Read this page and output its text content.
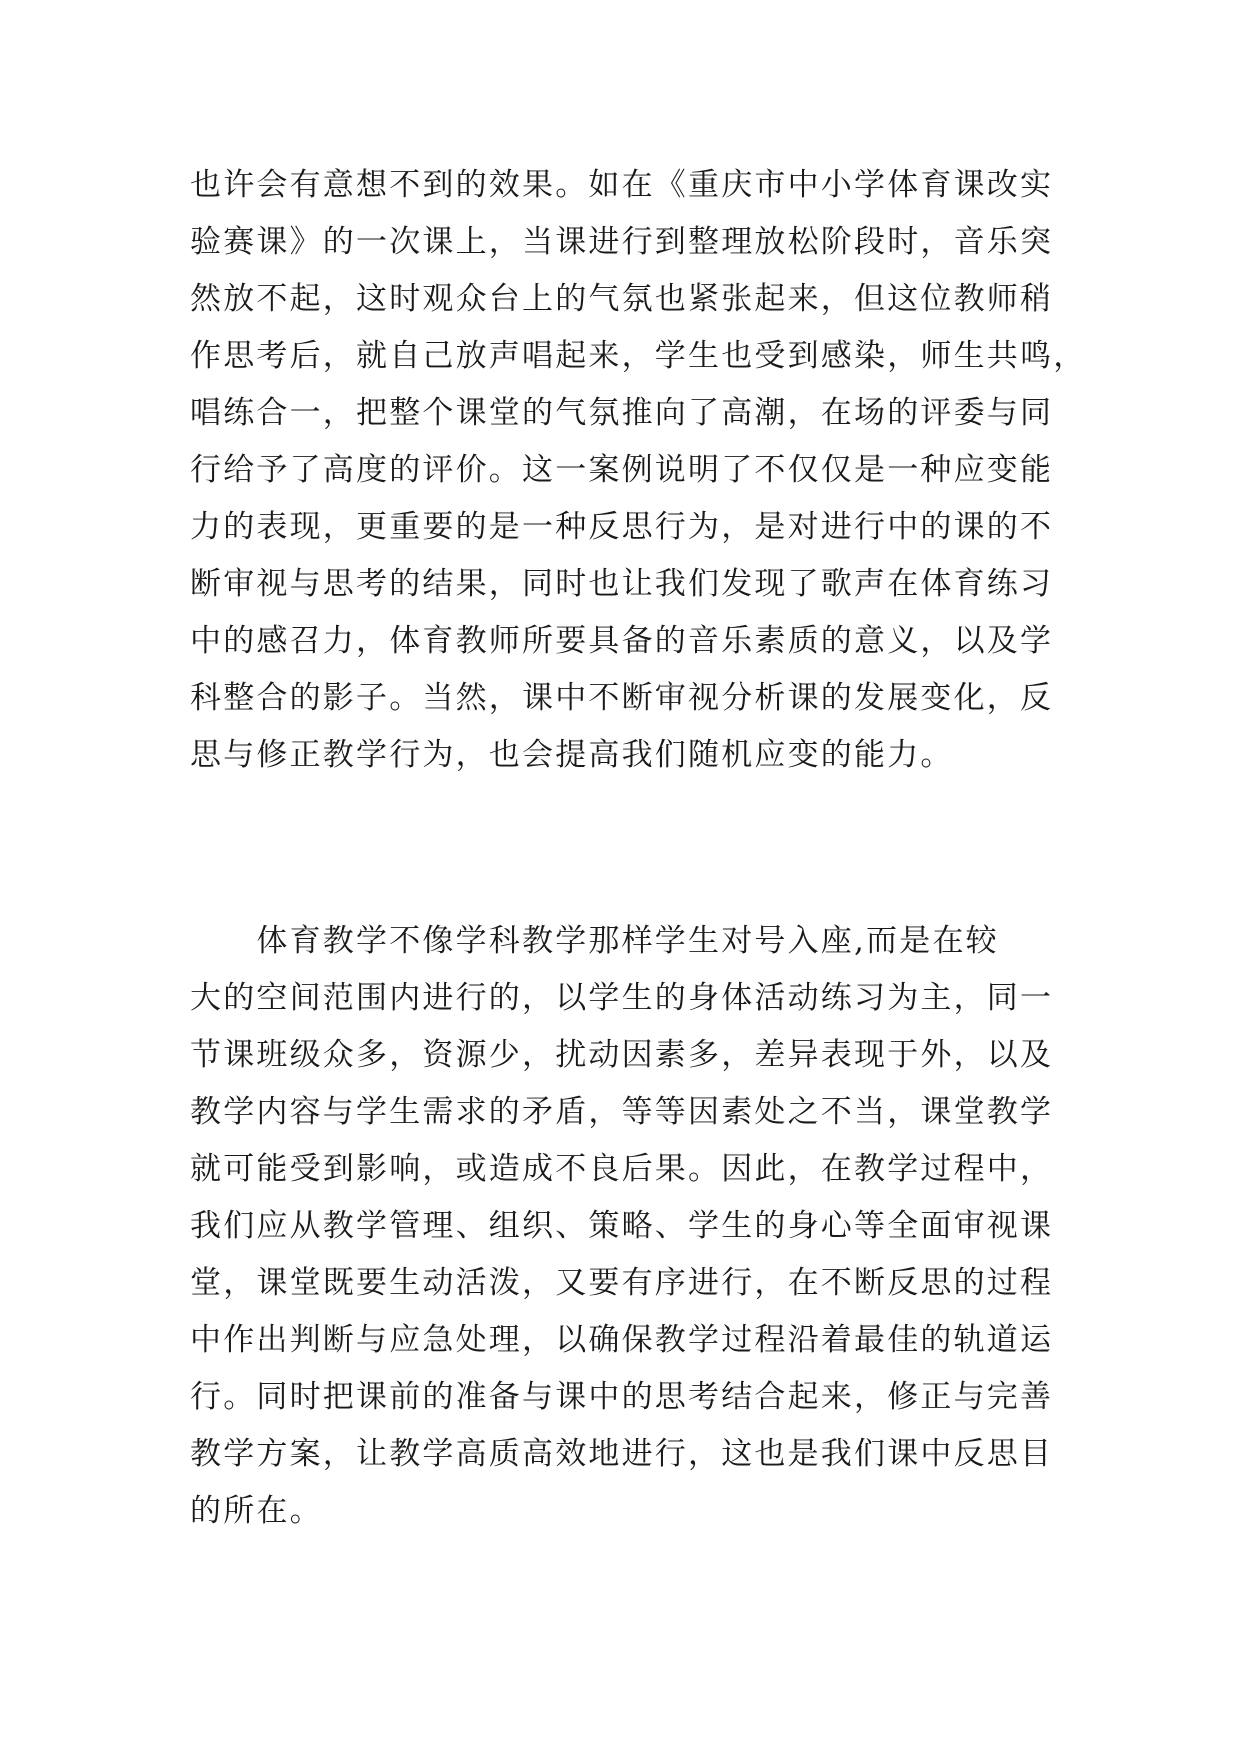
也许会有意想不到的效果。如在《重庆市中小学体育课改实
验赛课》的一次课上，当课进行到整理放松阶段时，音乐突
然放不起，这时观众台上的气氛也紧张起来，但这位教师稍
作思考后，就自己放声唱起来，学生也受到感染，师生共鸣，
唱练合一，把整个课堂的气氛推向了高潮，在场的评委与同
行给予了高度的评价。这一案例说明了不仅仅是一种应变能
力的表现，更重要的是一种反思行为，是对进行中的课的不
断审视与思考的结果，同时也让我们发现了歌声在体育练习
中的感召力，体育教师所要具备的音乐素质的意义，以及学
科整合的影子。当然，课中不断审视分析课的发展变化，反
思与修正教学行为，也会提高我们随机应变的能力。
　　体育教学不像学科教学那样学生对号入座,而是在较
大的空间范围内进行的，以学生的身体活动练习为主，同一
节课班级众多，资源少，扰动因素多，差异表现于外，以及
教学内容与学生需求的矛盾，等等因素处之不当，课堂教学
就可能受到影响，或造成不良后果。因此，在教学过程中，
我们应从教学管理、组织、策略、学生的身心等全面审视课
堂，课堂既要生动活泼，又要有序进行，在不断反思的过程
中作出判断与应急处理，以确保教学过程沿着最佳的轨道运
行。同时把课前的准备与课中的思考结合起来，修正与完善
教学方案，让教学高质高效地进行，这也是我们课中反思目
的所在。
